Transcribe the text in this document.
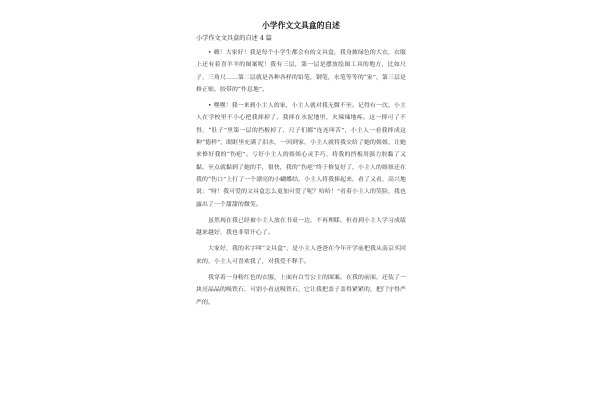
小学作文文具盒的自述
小学作文文具盒的自述 4 篇

• 嗨！大家好！我是每个小学生都会有的文具盒，我身披绿色的大衣，衣服上还有着喜羊羊的图案呢！我有三层，第一层是摆放绘图工具的地方，比如尺子，三角尺……第二层就是各种各样的铅笔，钢笔，水笔等等的“家”，第三层是修正贴，胶带的“作息地”。

• 嘿嘿！我一来到小主人的家，小主人就对我无微不至。记得有一次，小主人在学校里不小心把我摔掉了，我摔在水泥地里，火辣辣地疼。这一摔可了不得，“肚子”里第一层的挡板掉了，尺子们都“连连叫苦”，小主人一看我摔成这种“德样”，眼眶里充满了泪水，一回到家，小主人就将我交给了她的姐姐，让她来修好我的“伤疤”。亏好小主人的姐姐心灵手巧，将我的挡板用强力胶黏了又黏，至点就黏到了她的手，很快，我的“伤疤”终于修复好了，小主人的姐姐还在我的“伤口”上打了一个漂亮的小蝴蝶结，小主人将我捧起来，看了又看，高兴地说：“呀！我可爱的文具盒怎么更加可爱了呢？哈哈！”看着小主人的笑脸，我也露出了一个甜甜的微笑。

虽然现在我已经被小主人放在书桌一边，不再理睬，但看到小主人学习成绩越来越好，我也非常开心了。

大家好，我的名字叫“文具盒”，是小主人爸爸在今年开学前把我从南京买回来的，小主人可喜欢我了，对我爱不释手。

我穿着一身粉红色的衣服，上面有白雪公主的图案。在我的前面，还装了一块亮晶晶的吸铁石，可别小看这吸铁石，它让我把盖子盖得紧紧的，把门守得严严的。
